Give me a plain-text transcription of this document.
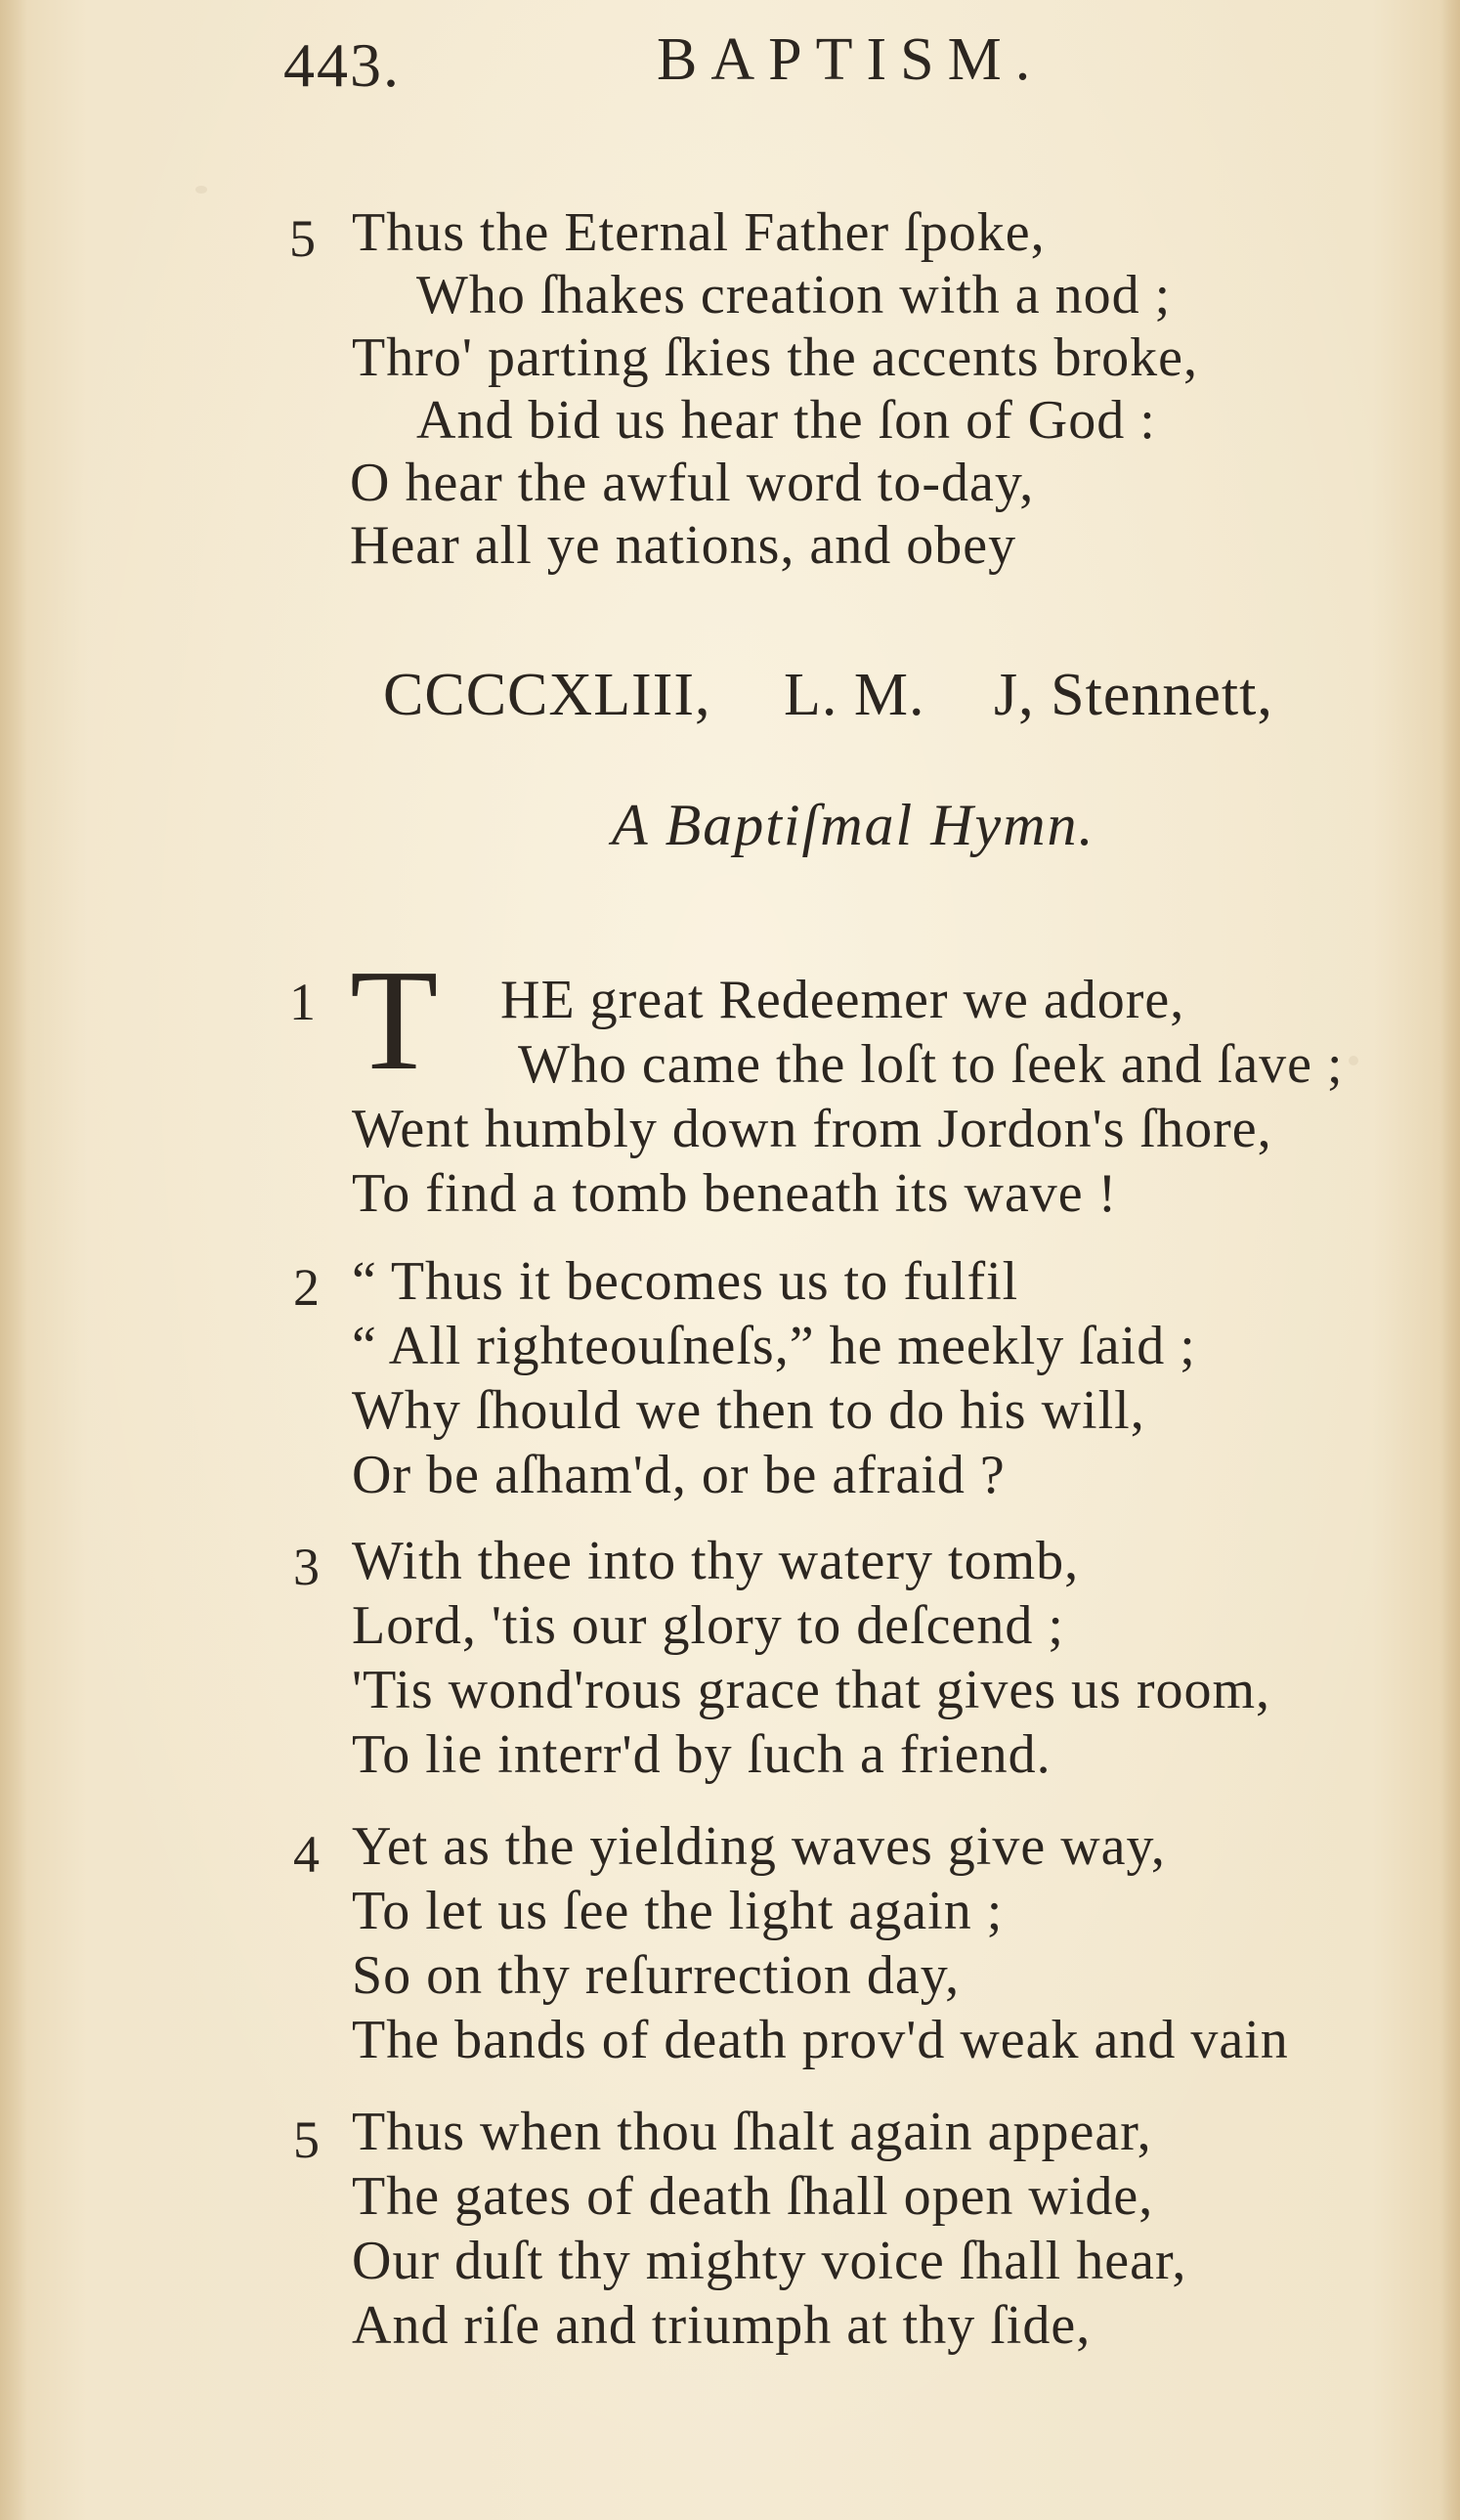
443.	BAPTISM.
5 Thus the Eternal Father ſpoke,
Who ſhakes creation with a nod ;
Thro' parting ſkies the accents broke,
And bid us hear the ſon of God :
O hear the awful word to-day,
Hear all ye nations, and obey
CCCCXLIII, L. M. J, Stennett,
A Baptiſmal Hymn.
1	HE great Redeemer we adore,
Who came the loſt to ſeek and ſave ;
Went humbly down from Jordon's ſhore,
To find a tomb beneath its wave !
T
2 “ Thus it becomes us to fulfil
“ All righteouſneſs,” he meekly ſaid ;
Why ſhould we then to do his will,
Or be aſham'd, or be afraid ?
3 With thee into thy watery tomb,
Lord, 'tis our glory to deſcend ;
'Tis wond'rous grace that gives us room,
To lie interr'd by ſuch a friend.
4 Yet as the yielding waves give way,
To let us ſee the light again ;
So on thy reſurrection day,
The bands of death prov'd weak and vain
5 Thus when thou ſhalt again appear,
The gates of death ſhall open wide,
Our duſt thy mighty voice ſhall hear,
And riſe and triumph at thy ſide,
